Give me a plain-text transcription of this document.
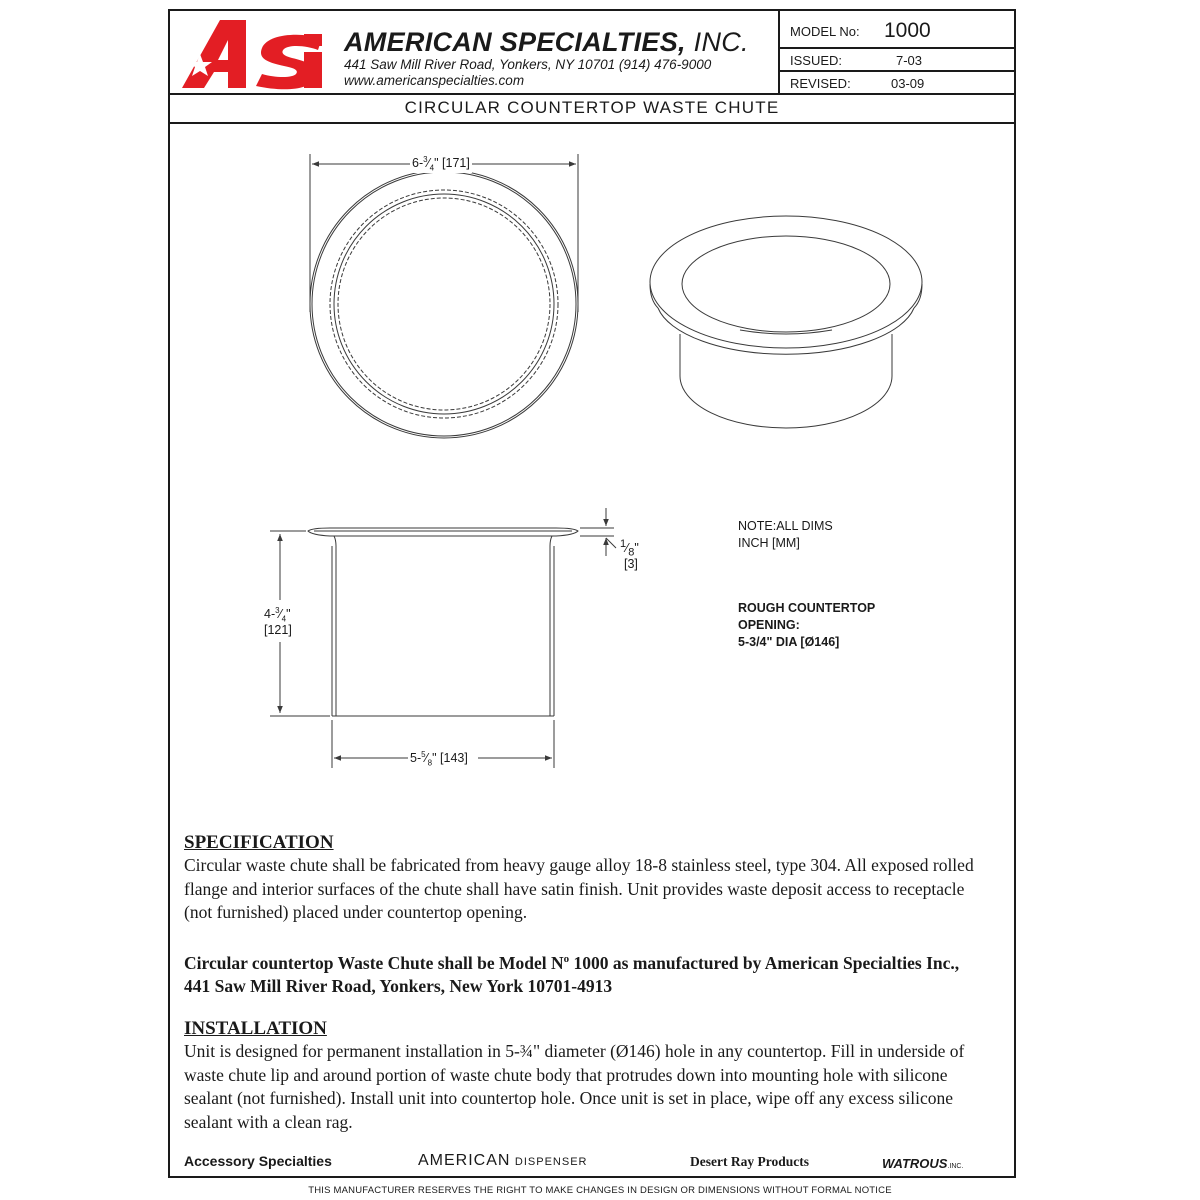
AMERICAN SPECIALTIES, INC.
441 Saw Mill River Road, Yonkers, NY 10701 (914) 476-9000
www.americanspecialties.com
MODEL No: 1000
ISSUED:	7-03
REVISED:	03-09
CIRCULAR COUNTERTOP WASTE CHUTE
$6-^3⁄_4$" [171]
$4-^3⁄_4$"
[121]
$5-^5⁄_8$" [143]
$^1⁄_8$"
[3]
NOTE:ALL DIMS
INCH [MM]
ROUGH COUNTERTOP
OPENING:
5-3/4" DIA [Ø146]
SPECIFICATION
Circular waste chute shall be fabricated from heavy gauge alloy 18-8 stainless steel, type 304. All exposed rolled
flange and interior surfaces of the chute shall have satin finish. Unit provides waste deposit access to receptacle
(not furnished) placed under countertop opening.
Circular countertop Waste Chute shall be Model $N^o$ 1000 as manufactured by American Specialties Inc.,
441 Saw Mill River Road, Yonkers, New York 10701-4913
INSTALLATION
Unit is designed for permanent installation in 5-¾" diameter (Ø146) hole in any countertop. Fill in underside of
waste chute lip and around portion of waste chute body that protrudes down into mounting hole with silicone
sealant (not furnished). Install unit into countertop hole. Once unit is set in place, wipe off any excess silicone
sealant with a clean rag.
Accessory Specialties	AMERICAN DISPENSER	Desert Ray Products	WATROUS.INC.
THIS MANUFACTURER RESERVES THE RIGHT TO MAKE CHANGES IN DESIGN OR DIMENSIONS WITHOUT FORMAL NOTICE
